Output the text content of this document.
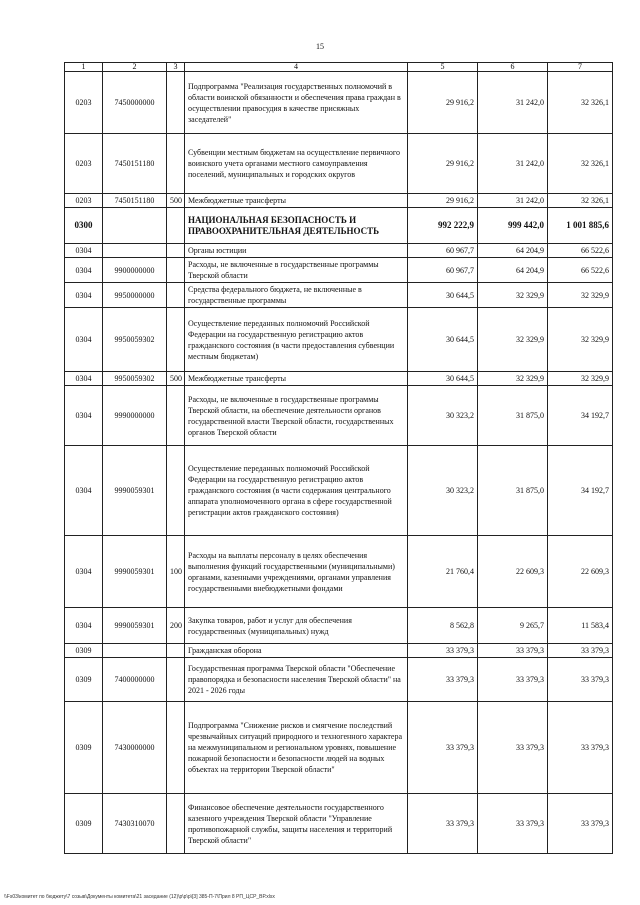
15
1	2	3	4	5	6	7
0203	7450000000		Подпрограмма "Реализация государственных полномочий в области воинской обязанности и обеспечения права граждан в осуществлении правосудия в качестве присяжных заседателей"	29 916,2	31 242,0	32 326,1
0203	7450151180		Субвенции местным бюджетам на осуществление первичного воинского учета органами местного самоуправления поселений, муниципальных и городских округов	29 916,2	31 242,0	32 326,1
0203	7450151180	500	Межбюджетные трансферты	29 916,2	31 242,0	32 326,1
0300			НАЦИОНАЛЬНАЯ БЕЗОПАСНОСТЬ И ПРАВООХРАНИТЕЛЬНАЯ ДЕЯТЕЛЬНОСТЬ	992 222,9	999 442,0	1 001 885,6
0304			Органы юстиции	60 967,7	64 204,9	66 522,6
0304	9900000000		Расходы, не включенные в государственные программы Тверской области	60 967,7	64 204,9	66 522,6
0304	9950000000		Средства федерального бюджета, не включенные в государственные программы	30 644,5	32 329,9	32 329,9
0304	9950059302		Осуществление переданных полномочий Российской Федерации на государственную регистрацию актов гражданского состояния (в части предоставления субвенции местным бюджетам)	30 644,5	32 329,9	32 329,9
0304	9950059302	500	Межбюджетные трансферты	30 644,5	32 329,9	32 329,9
0304	9990000000		Расходы, не включенные в государственные программы Тверской области, на обеспечение деятельности органов государственной власти Тверской области, государственных органов Тверской области	30 323,2	31 875,0	34 192,7
0304	9990059301		Осуществление переданных полномочий Российской Федерации на государственную регистрацию актов гражданского состояния (в части содержания центрального аппарата уполномоченного органа в сфере государственной регистрации актов гражданского состояния)	30 323,2	31 875,0	34 192,7
0304	9990059301	100	Расходы на выплаты персоналу в целях обеспечения выполнения функций государственными (муниципальными) органами, казенными учреждениями, органами управления государственными внебюджетными фондами	21 760,4	22 609,3	22 609,3
0304	9990059301	200	Закупка товаров, работ и услуг для обеспечения государственных (муниципальных) нужд	8 562,8	9 265,7	11 583,4
0309			Гражданская оборона	33 379,3	33 379,3	33 379,3
0309	7400000000		Государственная программа Тверской области "Обеспечение правопорядка и безопасности населения Тверской области" на 2021 - 2026 годы	33 379,3	33 379,3	33 379,3
0309	7430000000		Подпрограмма "Снижение рисков и смягчение последствий чрезвычайных ситуаций природного и техногенного характера на межмуниципальном и региональном уровнях, повышение пожарной безопасности и безопасности людей на водных объектах на территории Тверской области"	33 379,3	33 379,3	33 379,3
0309	7430310070		Финансовое обеспечение деятельности государственного казенного учреждения Тверской области "Управление противопожарной службы, защиты населения и территорий Тверской области"	33 379,3	33 379,3	33 379,3
\\Fs03\комитет по бюджету\7 созыв\Документы комитета\21 заседание (12)\p\p\p\[3] 385-П-7\Прил 8 РП_ЦСР_ВР.xlsx
